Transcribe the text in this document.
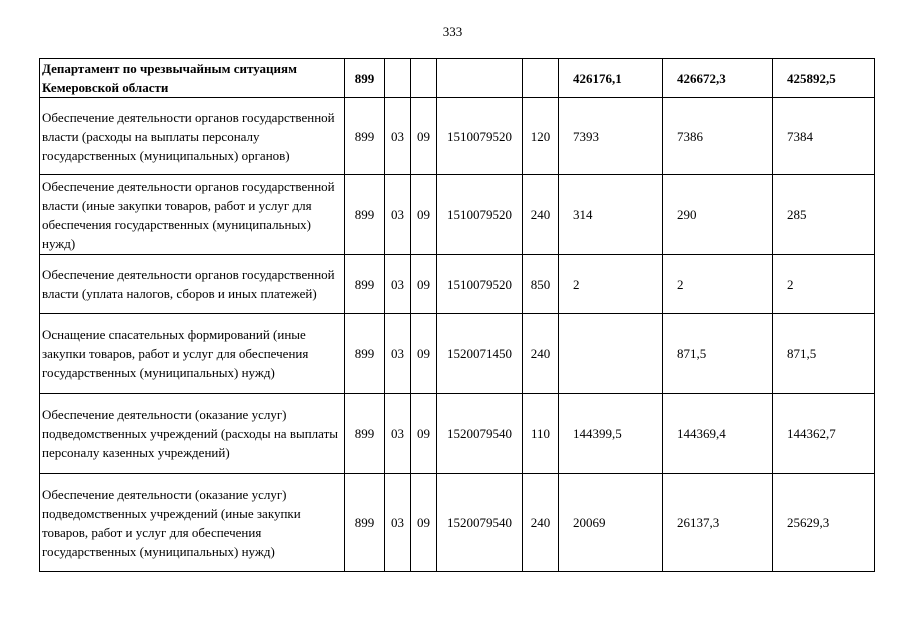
333
Департамент по чрезвычайным ситуациям Кемеровской области	899					426176,1	426672,3	425892,5
Обеспечение деятельности органов государственной власти (расходы на выплаты персоналу государственных (муниципальных) органов)	899	03	09	1510079520	120	7393	7386	7384
Обеспечение деятельности органов государственной власти (иные закупки товаров, работ и услуг для обеспечения государственных (муниципальных) нужд)	899	03	09	1510079520	240	314	290	285
Обеспечение деятельности органов государственной власти (уплата налогов, сборов и иных платежей)	899	03	09	1510079520	850	2	2	2
Оснащение спасательных формирований (иные закупки товаров, работ и услуг для обеспечения государственных (муниципальных) нужд)	899	03	09	1520071450	240		871,5	871,5
Обеспечение деятельности (оказание услуг) подведомственных учреждений (расходы на выплаты персоналу казенных учреждений)	899	03	09	1520079540	110	144399,5	144369,4	144362,7
Обеспечение деятельности (оказание услуг) подведомственных учреждений (иные закупки товаров, работ и услуг для обеспечения государственных (муниципальных) нужд)	899	03	09	1520079540	240	20069	26137,3	25629,3
